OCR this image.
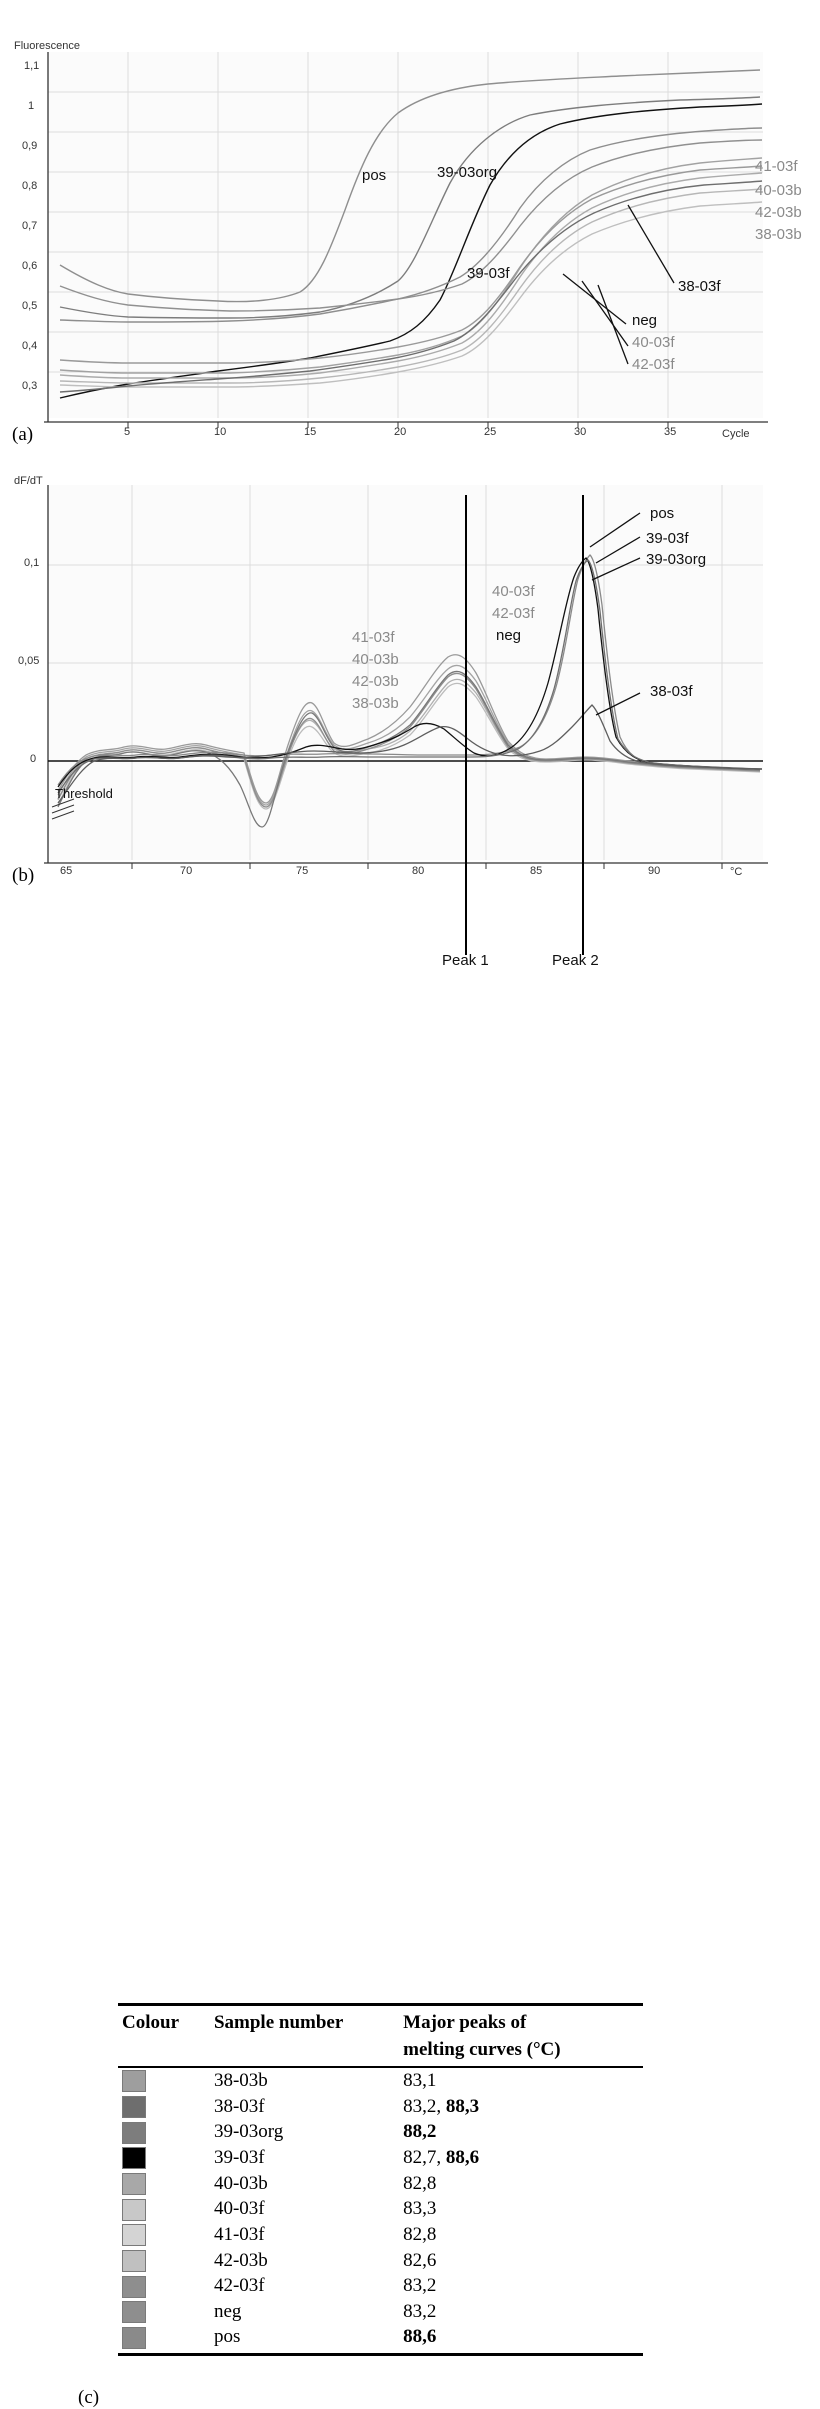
Fluorescence
Cycle
1,1
1
0,9
0,8
0,7
0,6
0,5
0,4
0,3
5	10	15	20	25	30	35
pos	39-03org
39-03f
38-03f
neg
41-03f
40-03b
42-03b
38-03b
40-03f
42-03f
(a)
dF/dT
°C
0,1
0,05
0
65	70	75	80	85	90
Threshold
pos
39-03f
39-03org
38-03f
neg
40-03f
42-03f
41-03f
40-03b
42-03b
38-03b
Peak 1	Peak 2
(b)
Colour	Sample number	Major peaks of
		melting curves (°C)
	38-03b	83,1
	38-03f	83,2, 88,3
	39-03org	88,2
	39-03f	82,7, 88,6
	40-03b	82,8
	40-03f	83,3
	41-03f	82,8
	42-03b	82,6
	42-03f	83,2
	neg	83,2
	pos	88,6
(c)
